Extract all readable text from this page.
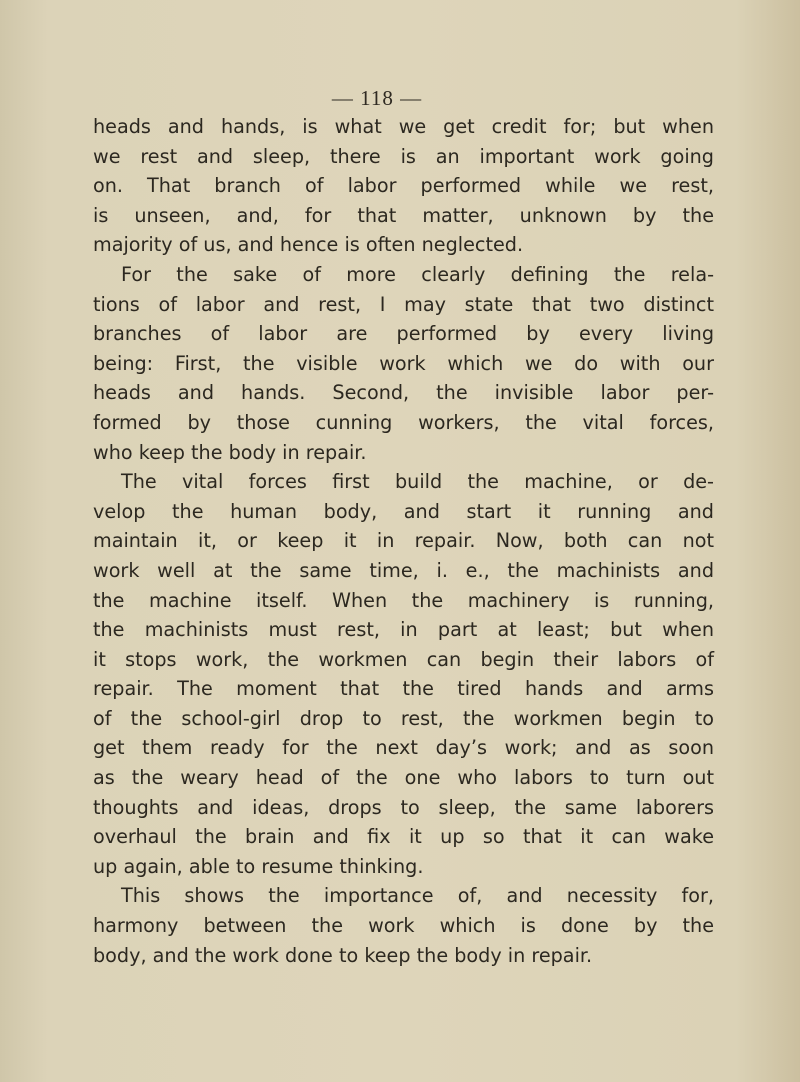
— 118 —
heads and hands, is what we get credit for; but when
we rest and sleep, there is an important work going
on. That branch of labor performed while we rest,
is unseen, and, for that matter, unknown by the
majority of us, and hence is often neglected.
For the sake of more clearly defining the rela-
tions of labor and rest, I may state that two distinct
branches of labor are performed by every living
being: First, the visible work which we do with our
heads and hands. Second, the invisible labor per-
formed by those cunning workers, the vital forces,
who keep the body in repair.
The vital forces first build the machine, or de-
velop the human body, and start it running and
maintain it, or keep it in repair. Now, both can not
work well at the same time, i. e., the machinists and
the machine itself. When the machinery is running,
the machinists must rest, in part at least; but when
it stops work, the workmen can begin their labors of
repair. The moment that the tired hands and arms
of the school-girl drop to rest, the workmen begin to
get them ready for the next day’s work; and as soon
as the weary head of the one who labors to turn out
thoughts and ideas, drops to sleep, the same laborers
overhaul the brain and fix it up so that it can wake
up again, able to resume thinking.
This shows the importance of, and necessity for,
harmony between the work which is done by the
body, and the work done to keep the body in repair.
